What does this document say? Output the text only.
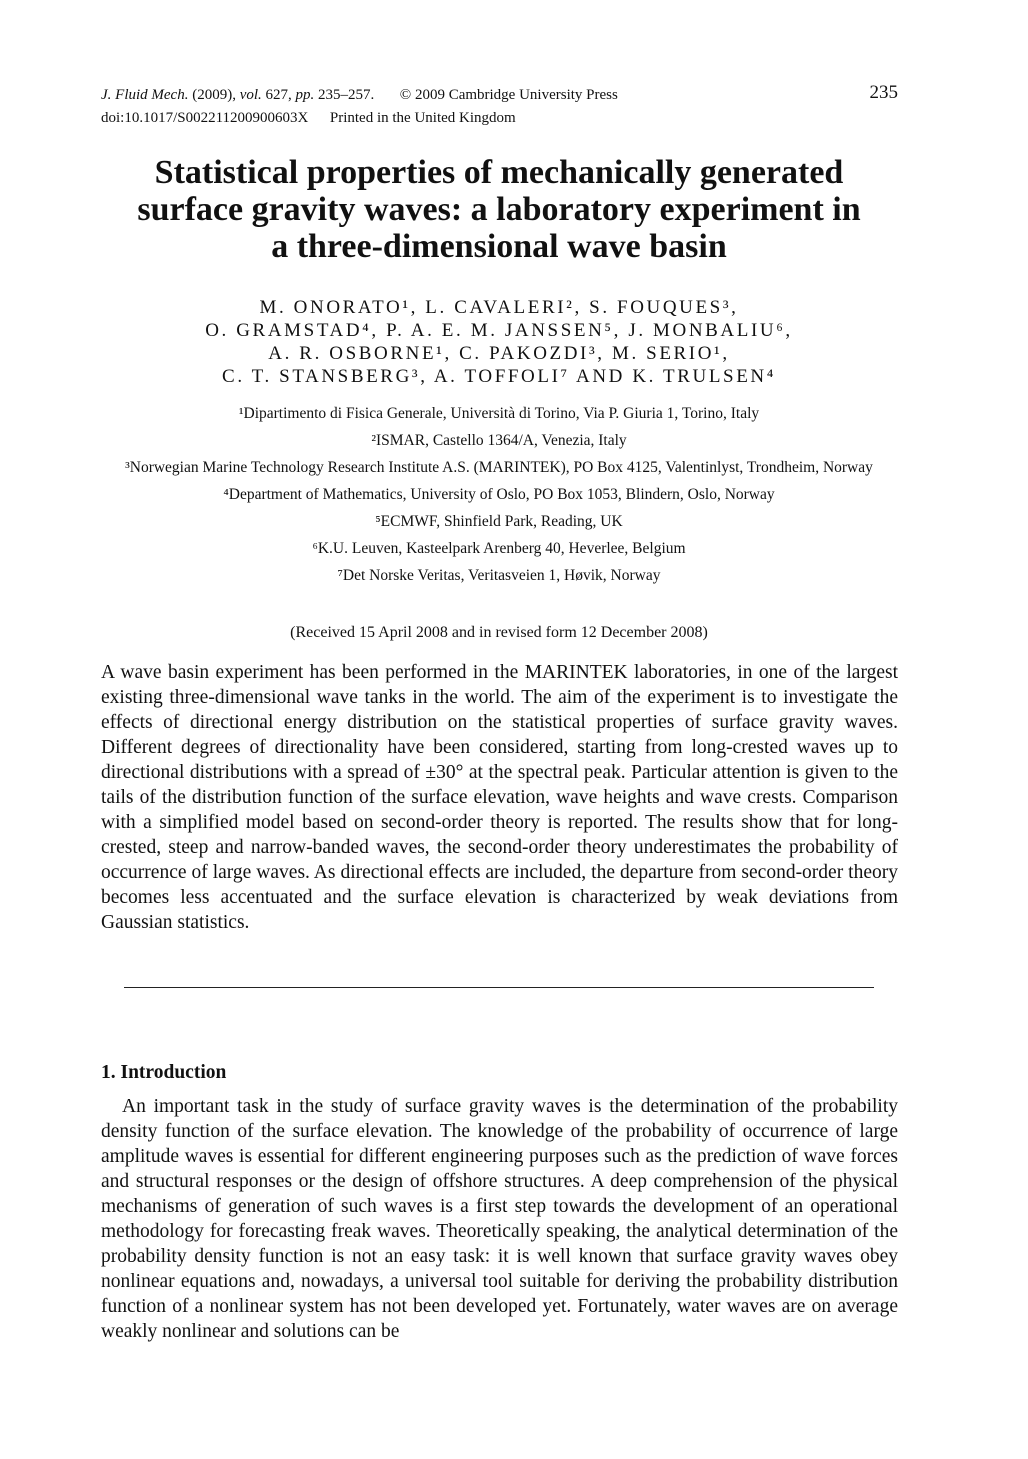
J. Fluid Mech. (2009), vol. 627, pp. 235–257. © 2009 Cambridge University Press
doi:10.1017/S002211200900603X Printed in the United Kingdom
235
Statistical properties of mechanically generated
surface gravity waves: a laboratory experiment in
a three-dimensional wave basin
M. ONORATO¹, L. CAVALERI², S. FOUQUES³,
O. GRAMSTAD⁴, P. A. E. M. JANSSEN⁵, J. MONBALIU⁶,
A. R. OSBORNE¹, C. PAKOZDI³, M. SERIO¹,
C. T. STANSBERG³, A. TOFFOLI⁷ AND K. TRULSEN⁴
¹Dipartimento di Fisica Generale, Università di Torino, Via P. Giuria 1, Torino, Italy
²ISMAR, Castello 1364/A, Venezia, Italy
³Norwegian Marine Technology Research Institute A.S. (MARINTEK), PO Box 4125, Valentinlyst, Trondheim, Norway
⁴Department of Mathematics, University of Oslo, PO Box 1053, Blindern, Oslo, Norway
⁵ECMWF, Shinfield Park, Reading, UK
⁶K.U. Leuven, Kasteelpark Arenberg 40, Heverlee, Belgium
⁷Det Norske Veritas, Veritasveien 1, Høvik, Norway
(Received 15 April 2008 and in revised form 12 December 2008)

A wave basin experiment has been performed in the MARINTEK laboratories, in one of the largest existing three-dimensional wave tanks in the world. The aim of the experiment is to investigate the effects of directional energy distribution on the statistical properties of surface gravity waves. Different degrees of directionality have been considered, starting from long-crested waves up to directional distributions with a spread of ±30° at the spectral peak. Particular attention is given to the tails of the distribution function of the surface elevation, wave heights and wave crests. Comparison with a simplified model based on second-order theory is reported. The results show that for long-crested, steep and narrow-banded waves, the second-order theory underestimates the probability of occurrence of large waves. As directional effects are included, the departure from second-order theory becomes less accentuated and the surface elevation is characterized by weak deviations from Gaussian statistics.

1. Introduction

An important task in the study of surface gravity waves is the determination of the probability density function of the surface elevation. The knowledge of the probability of occurrence of large amplitude waves is essential for different engineering purposes such as the prediction of wave forces and structural responses or the design of offshore structures. A deep comprehension of the physical mechanisms of generation of such waves is a first step towards the development of an operational methodology for forecasting freak waves. Theoretically speaking, the analytical determination of the probability density function is not an easy task: it is well known that surface gravity waves obey nonlinear equations and, nowadays, a universal tool suitable for deriving the probability distribution function of a nonlinear system has not been developed yet. Fortunately, water waves are on average weakly nonlinear and solutions can be
